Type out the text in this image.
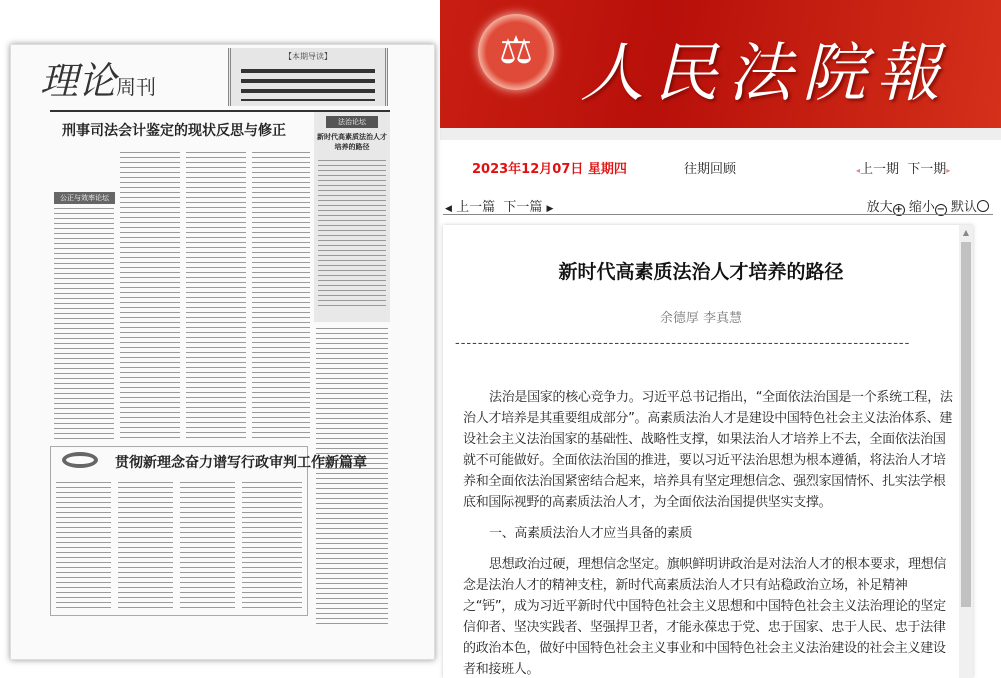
⚖ 人民法院報
理论周刊
【本期导读】
刑事司法会计鉴定的现状反思与修正
公正与效率论坛
法治论坛
新时代高素质法治人才培养的路径
贯彻新理念奋力谱写行政审判工作新篇章
2023年12月07日 星期四	往期回顾	◂上一期 下一期▸
◀ 上一篇 下一篇 ▶	放大 + 缩小 − 默认
新时代高素质法治人才培养的路径
余德厚 李真慧
--------------------------------------------------------------------------------

法治是国家的核心竞争力。习近平总书记指出，“全面依法治国是一个系统工程，法治人才培养是其重要组成部分”。高素质法治人才是建设中国特色社会主义法治体系、建设社会主义法治国家的基础性、战略性支撑，如果法治人才培养上不去，全面依法治国就不可能做好。全面依法治国的推进，要以习近平法治思想为根本遵循，将法治人才培养和全面依法治国紧密结合起来，培养具有坚定理想信念、强烈家国情怀、扎实法学根底和国际视野的高素质法治人才，为全面依法治国提供坚实支撑。

一、高素质法治人才应当具备的素质

思想政治过硬，理想信念坚定。旗帜鲜明讲政治是对法治人才的根本要求，理想信念是法治人才的精神支柱，新时代高素质法治人才只有站稳政治立场，补足精神之“钙”，成为习近平新时代中国特色社会主义思想和中国特色社会主义法治理论的坚定信仰者、坚决实践者、坚强捍卫者，才能永葆忠于党、忠于国家、忠于人民、忠于法律的政治本色，做好中国特色社会主义事业和中国特色社会主义法治建设的社会主义建设者和接班人。

▲
